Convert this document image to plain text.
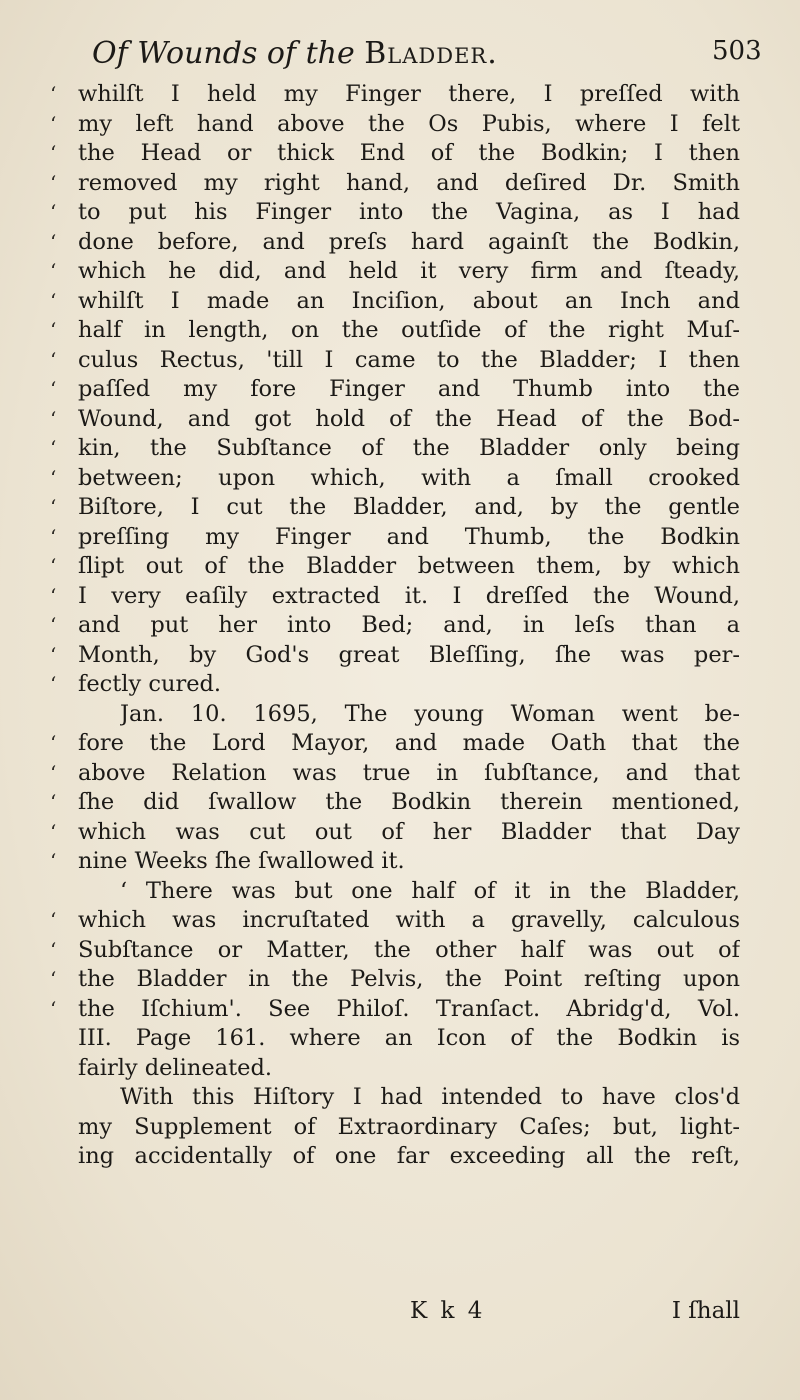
Of Wounds of the Bladder.	503
‘ whilſt I held my Finger there, I preſſed with
‘ my left hand above the Os Pubis, where I felt
‘ the Head or thick End of the Bodkin; I then
‘ removed my right hand, and deſired Dr. Smith
‘ to put his Finger into the Vagina, as I had
‘ done before, and preſs hard againſt the Bodkin,
‘ which he did, and held it very firm and ſteady,
‘ whilſt I made an Inciſion, about an Inch and
‘ half in length, on the outſide of the right Muſ-
‘ culus Rectus, 'till I came to the Bladder; I then
‘ paſſed my fore Finger and Thumb into the
‘ Wound, and got hold of the Head of the Bod-
‘ kin, the Subſtance of the Bladder only being
‘ between; upon which, with a ſmall crooked
‘ Biſtore, I cut the Bladder, and, by the gentle
‘ preſſing my Finger and Thumb, the Bodkin
‘ ſlipt out of the Bladder between them, by which
‘ I very eaſily extracted it. I dreſſed the Wound,
‘ and put her into Bed; and, in leſs than a
‘ Month, by God's great Bleſſing, ſhe was per-
‘ fectly cured.
Jan. 10. 1695, The young Woman went be-
‘ fore the Lord Mayor, and made Oath that the
‘ above Relation was true in ſubſtance, and that
‘ ſhe did ſwallow the Bodkin therein mentioned,
‘ which was cut out of her Bladder that Day
‘ nine Weeks ſhe ſwallowed it.
‘ There was but one half of it in the Bladder,
‘ which was incruſtated with a gravelly, calculous
‘ Subſtance or Matter, the other half was out of
‘ the Bladder in the Pelvis, the Point reſting upon
‘ the Iſchium'. See Philoſ. Tranſact. Abridg'd, Vol.
III. Page 161. where an Icon of the Bodkin is
fairly delineated.
With this Hiſtory I had intended to have clos'd
my Supplement of Extraordinary Caſes; but, light-
ing accidentally of one far exceeding all the reſt,
K k 4	I ſhall
